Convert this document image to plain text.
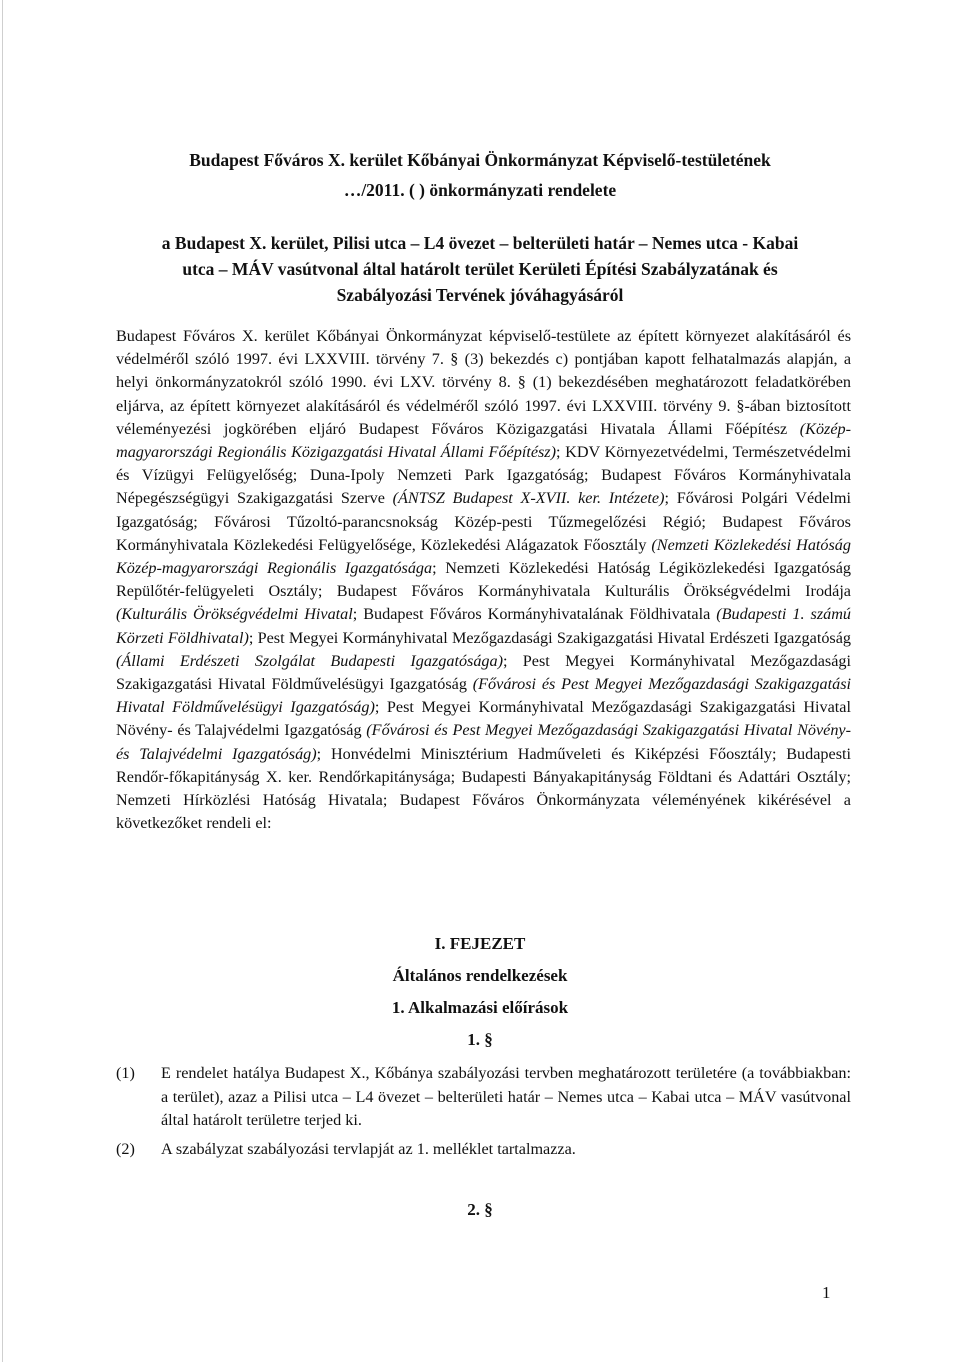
Budapest Főváros X. kerület Kőbányai Önkormányzat Képviselő-testületének
…/2011. ( ) önkormányzati rendelete
a Budapest X. kerület, Pilisi utca – L4 övezet – belterületi határ – Nemes utca - Kabai
utca – MÁV vasútvonal által határolt terület Kerületi Építési Szabályzatának és
Szabályozási Tervének jóváhagyásáról
Budapest Főváros X. kerület Kőbányai Önkormányzat képviselő-testülete az épített környezet alakításáról és védelméről szóló 1997. évi LXXVIII. törvény 7. § (3) bekezdés c) pontjában kapott felhatalmazás alapján, a helyi önkormányzatokról szóló 1990. évi LXV. törvény 8. § (1) bekezdésében meghatározott feladatkörében eljárva, az épített környezet alakításáról és védelméről szóló 1997. évi LXXVIII. törvény 9. §-ában biztosított véleményezési jogkörében eljáró Budapest Főváros Közigazgatási Hivatala Állami Főépítész (Közép-magyarországi Regionális Közigazgatási Hivatal Állami Főépítész); KDV Környezetvédelmi, Természetvédelmi és Vízügyi Felügyelőség; Duna-Ipoly Nemzeti Park Igazgatóság; Budapest Főváros Kormányhivatala Népegészségügyi Szakigazgatási Szerve (ÁNTSZ Budapest X-XVII. ker. Intézete); Fővárosi Polgári Védelmi Igazgatóság; Fővárosi Tűzoltó-parancsnokság Közép-pesti Tűzmegelőzési Régió; Budapest Főváros Kormányhivatala Közlekedési Felügyelősége, Közlekedési Alágazatok Főosztály (Nemzeti Közlekedési Hatóság Közép-magyarországi Regionális Igazgatósága; Nemzeti Közlekedési Hatóság Légiközlekedési Igazgatóság Repülőtér-felügyeleti Osztály; Budapest Főváros Kormányhivatala Kulturális Örökségvédelmi Irodája (Kulturális Örökségvédelmi Hivatal; Budapest Főváros Kormányhivatalának Földhivatala (Budapesti 1. számú Körzeti Földhivatal); Pest Megyei Kormányhivatal Mezőgazdasági Szakigazgatási Hivatal Erdészeti Igazgatóság (Állami Erdészeti Szolgálat Budapesti Igazgatósága); Pest Megyei Kormányhivatal Mezőgazdasági Szakigazgatási Hivatal Földművelésügyi Igazgatóság (Fővárosi és Pest Megyei Mezőgazdasági Szakigazgatási Hivatal Földművelésügyi Igazgatóság); Pest Megyei Kormányhivatal Mezőgazdasági Szakigazgatási Hivatal Növény- és Talajvédelmi Igazgatóság (Fővárosi és Pest Megyei Mezőgazdasági Szakigazgatási Hivatal Növény- és Talajvédelmi Igazgatóság); Honvédelmi Minisztérium Hadműveleti és Kiképzési Főosztály; Budapesti Rendőr-főkapitányság X. ker. Rendőrkapitánysága; Budapesti Bányakapitányság Földtani és Adattári Osztály; Nemzeti Hírközlési Hatóság Hivatala; Budapest Főváros Önkormányzata véleményének kikérésével a következőket rendeli el:
I. FEJEZET
Általános rendelkezések
1. Alkalmazási előírások
1. §
(1)	E rendelet hatálya Budapest X., Kőbánya szabályozási tervben meghatározott területére (a továbbiakban: a terület), azaz a Pilisi utca – L4 övezet – belterületi határ – Nemes utca – Kabai utca – MÁV vasútvonal által határolt területre terjed ki.
(2)	A szabályzat szabályozási tervlapját az 1. melléklet tartalmazza.
2. §
1
